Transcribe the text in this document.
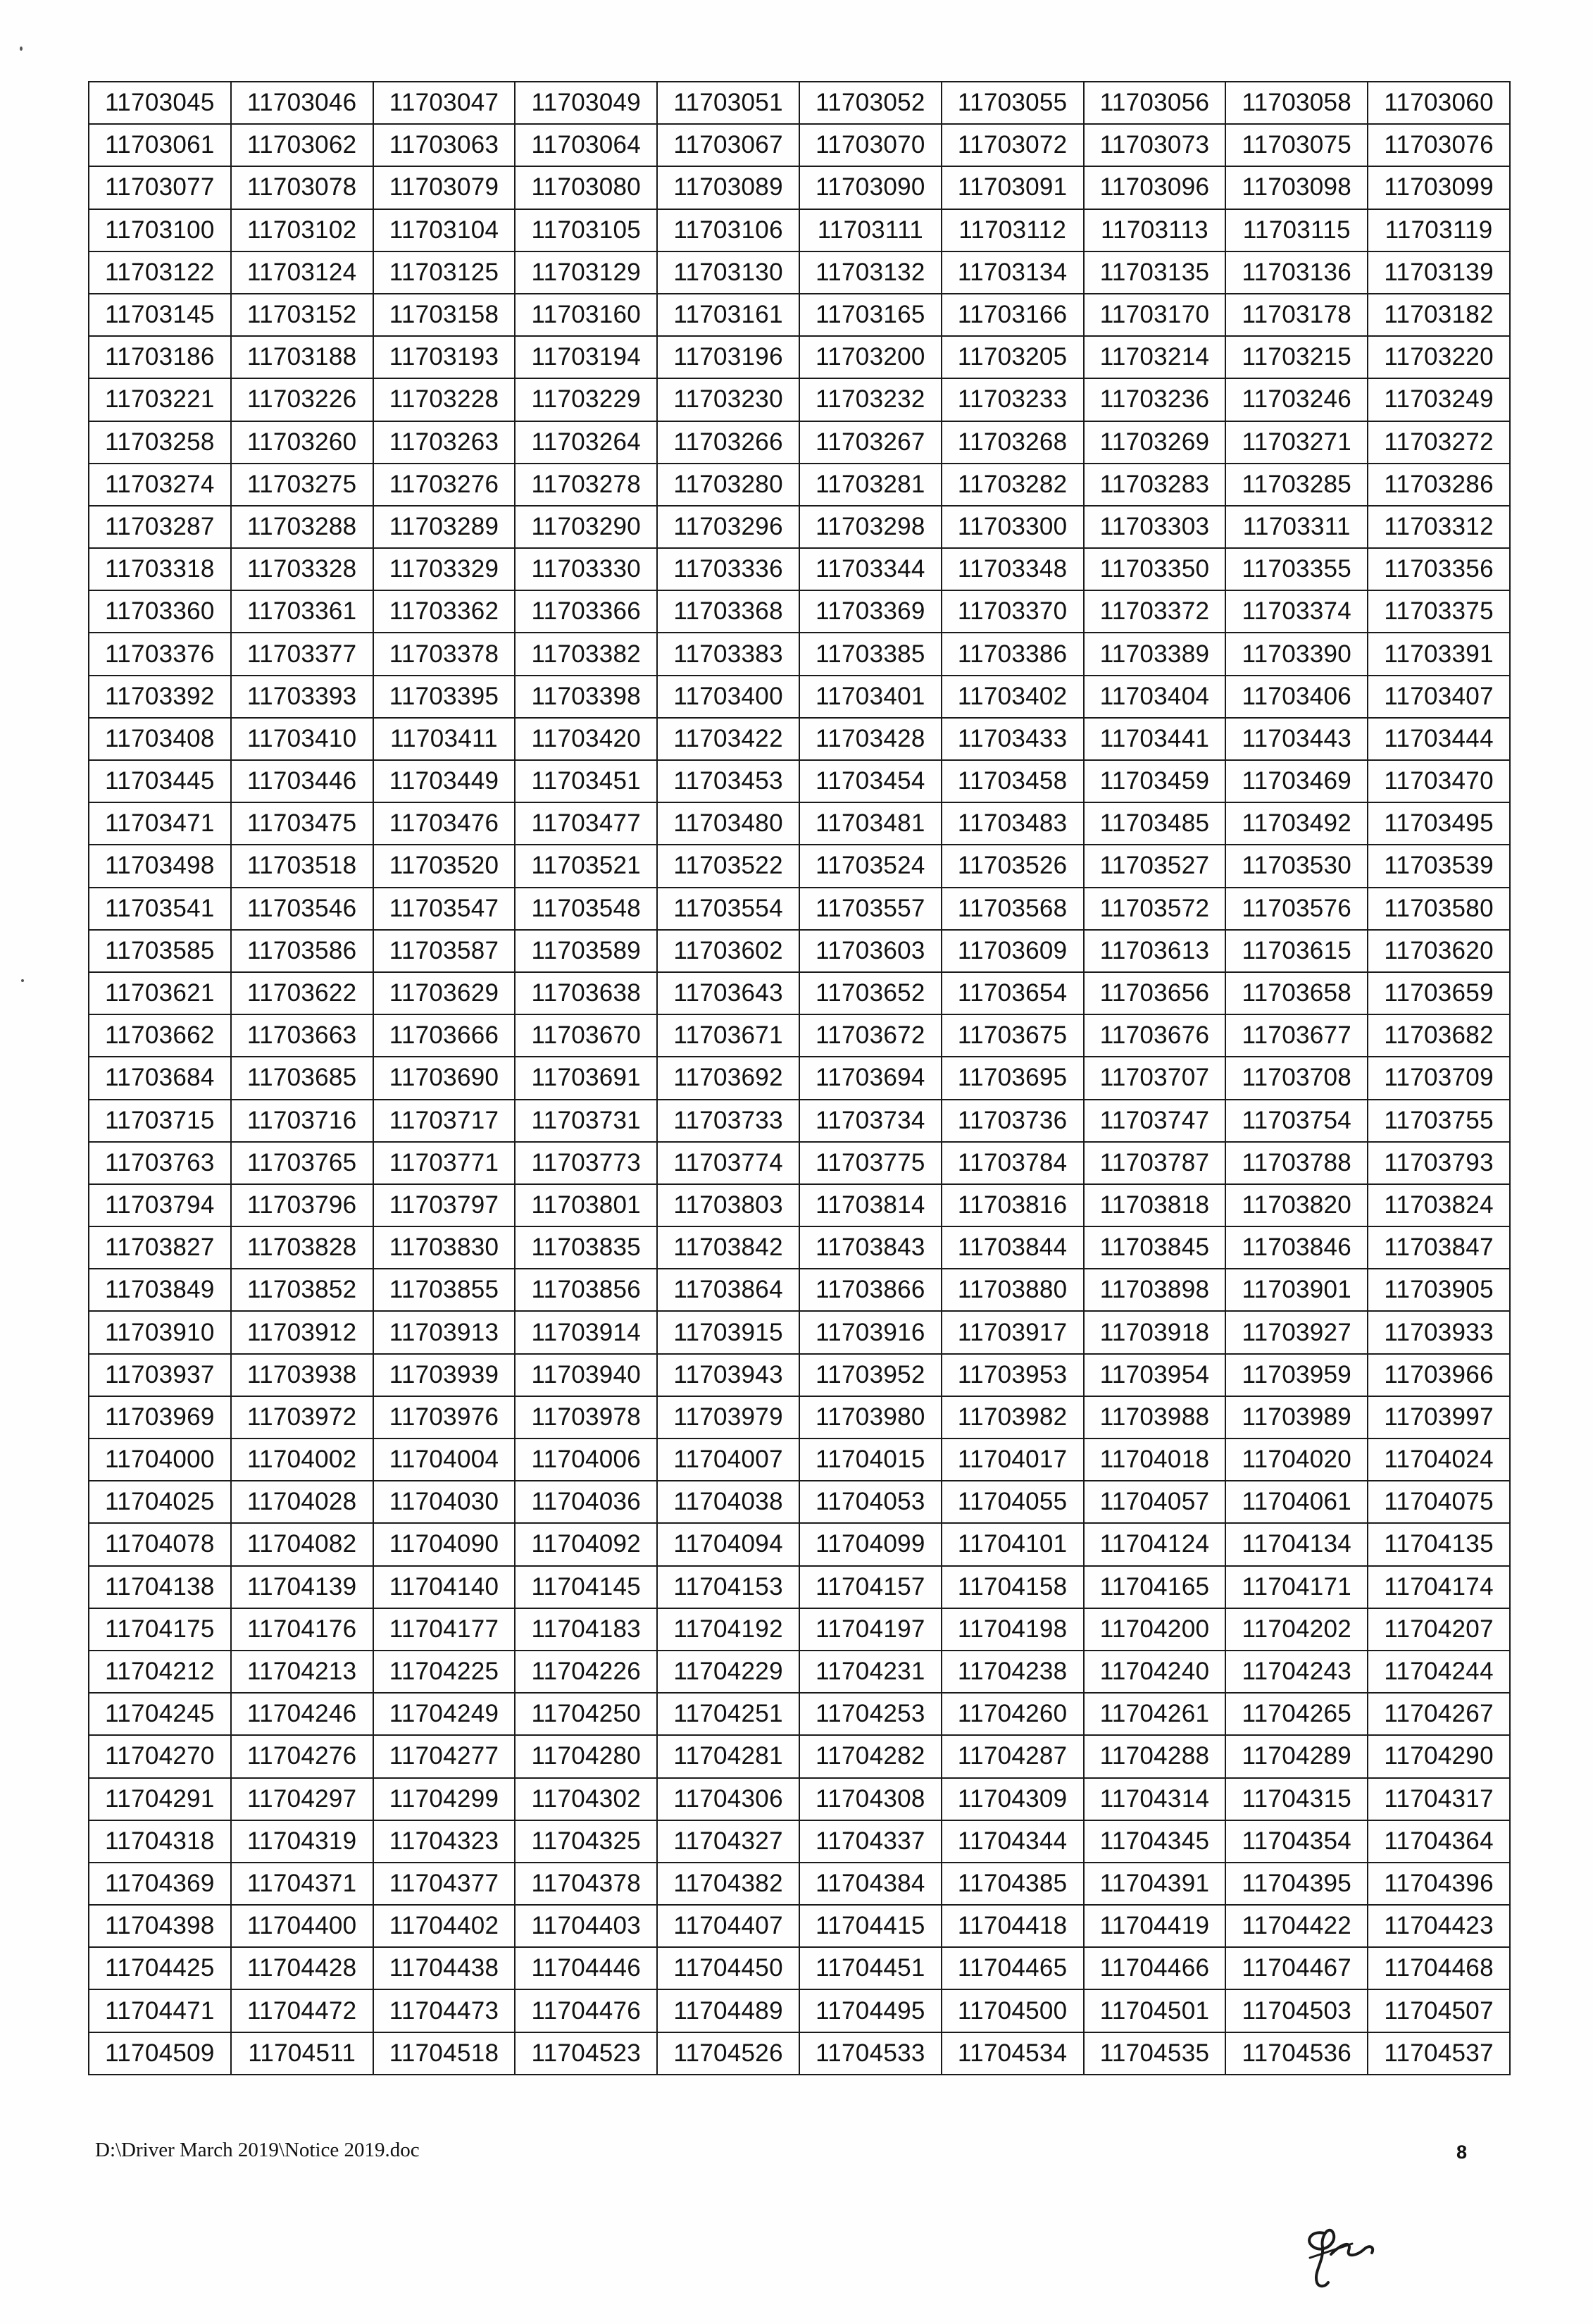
11703045	11703046	11703047	11703049	11703051	11703052	11703055	11703056	11703058	11703060
11703061	11703062	11703063	11703064	11703067	11703070	11703072	11703073	11703075	11703076
11703077	11703078	11703079	11703080	11703089	11703090	11703091	11703096	11703098	11703099
11703100	11703102	11703104	11703105	11703106	11703111	11703112	11703113	11703115	11703119
11703122	11703124	11703125	11703129	11703130	11703132	11703134	11703135	11703136	11703139
11703145	11703152	11703158	11703160	11703161	11703165	11703166	11703170	11703178	11703182
11703186	11703188	11703193	11703194	11703196	11703200	11703205	11703214	11703215	11703220
11703221	11703226	11703228	11703229	11703230	11703232	11703233	11703236	11703246	11703249
11703258	11703260	11703263	11703264	11703266	11703267	11703268	11703269	11703271	11703272
11703274	11703275	11703276	11703278	11703280	11703281	11703282	11703283	11703285	11703286
11703287	11703288	11703289	11703290	11703296	11703298	11703300	11703303	11703311	11703312
11703318	11703328	11703329	11703330	11703336	11703344	11703348	11703350	11703355	11703356
11703360	11703361	11703362	11703366	11703368	11703369	11703370	11703372	11703374	11703375
11703376	11703377	11703378	11703382	11703383	11703385	11703386	11703389	11703390	11703391
11703392	11703393	11703395	11703398	11703400	11703401	11703402	11703404	11703406	11703407
11703408	11703410	11703411	11703420	11703422	11703428	11703433	11703441	11703443	11703444
11703445	11703446	11703449	11703451	11703453	11703454	11703458	11703459	11703469	11703470
11703471	11703475	11703476	11703477	11703480	11703481	11703483	11703485	11703492	11703495
11703498	11703518	11703520	11703521	11703522	11703524	11703526	11703527	11703530	11703539
11703541	11703546	11703547	11703548	11703554	11703557	11703568	11703572	11703576	11703580
11703585	11703586	11703587	11703589	11703602	11703603	11703609	11703613	11703615	11703620
11703621	11703622	11703629	11703638	11703643	11703652	11703654	11703656	11703658	11703659
11703662	11703663	11703666	11703670	11703671	11703672	11703675	11703676	11703677	11703682
11703684	11703685	11703690	11703691	11703692	11703694	11703695	11703707	11703708	11703709
11703715	11703716	11703717	11703731	11703733	11703734	11703736	11703747	11703754	11703755
11703763	11703765	11703771	11703773	11703774	11703775	11703784	11703787	11703788	11703793
11703794	11703796	11703797	11703801	11703803	11703814	11703816	11703818	11703820	11703824
11703827	11703828	11703830	11703835	11703842	11703843	11703844	11703845	11703846	11703847
11703849	11703852	11703855	11703856	11703864	11703866	11703880	11703898	11703901	11703905
11703910	11703912	11703913	11703914	11703915	11703916	11703917	11703918	11703927	11703933
11703937	11703938	11703939	11703940	11703943	11703952	11703953	11703954	11703959	11703966
11703969	11703972	11703976	11703978	11703979	11703980	11703982	11703988	11703989	11703997
11704000	11704002	11704004	11704006	11704007	11704015	11704017	11704018	11704020	11704024
11704025	11704028	11704030	11704036	11704038	11704053	11704055	11704057	11704061	11704075
11704078	11704082	11704090	11704092	11704094	11704099	11704101	11704124	11704134	11704135
11704138	11704139	11704140	11704145	11704153	11704157	11704158	11704165	11704171	11704174
11704175	11704176	11704177	11704183	11704192	11704197	11704198	11704200	11704202	11704207
11704212	11704213	11704225	11704226	11704229	11704231	11704238	11704240	11704243	11704244
11704245	11704246	11704249	11704250	11704251	11704253	11704260	11704261	11704265	11704267
11704270	11704276	11704277	11704280	11704281	11704282	11704287	11704288	11704289	11704290
11704291	11704297	11704299	11704302	11704306	11704308	11704309	11704314	11704315	11704317
11704318	11704319	11704323	11704325	11704327	11704337	11704344	11704345	11704354	11704364
11704369	11704371	11704377	11704378	11704382	11704384	11704385	11704391	11704395	11704396
11704398	11704400	11704402	11704403	11704407	11704415	11704418	11704419	11704422	11704423
11704425	11704428	11704438	11704446	11704450	11704451	11704465	11704466	11704467	11704468
11704471	11704472	11704473	11704476	11704489	11704495	11704500	11704501	11704503	11704507
11704509	11704511	11704518	11704523	11704526	11704533	11704534	11704535	11704536	11704537
D:\Driver March 2019\Notice 2019.doc	8
